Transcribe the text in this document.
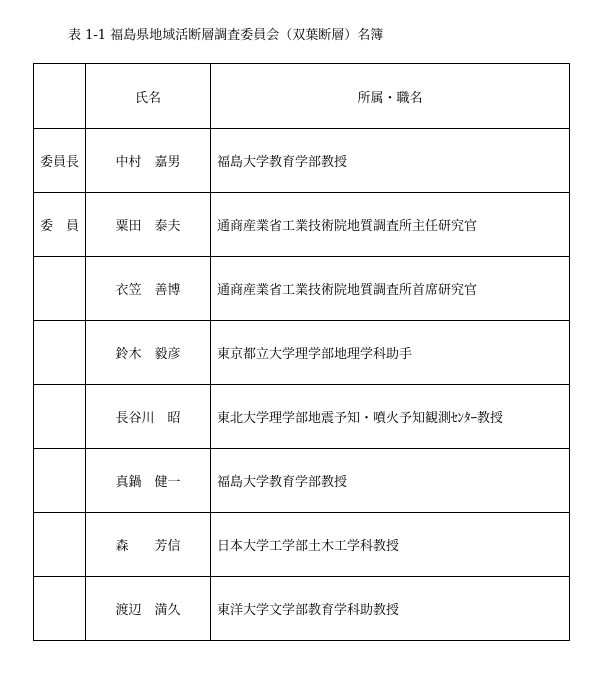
表 1-1 福島県地域活断層調査委員会（双葉断層）名簿
	氏名	所属・職名
委員長	中村　嘉男	福島大学教育学部教授
委　員	粟田　泰夫	通商産業省工業技術院地質調査所主任研究官
	衣笠　善博	通商産業省工業技術院地質調査所首席研究官
	鈴木　毅彦	東京都立大学理学部地理学科助手
	長谷川　昭	東北大学理学部地震予知・噴火予知観測ｾﾝﾀｰ教授
	真鍋　健一	福島大学教育学部教授
	森　　芳信	日本大学工学部土木工学科教授
	渡辺　満久	東洋大学文学部教育学科助教授
